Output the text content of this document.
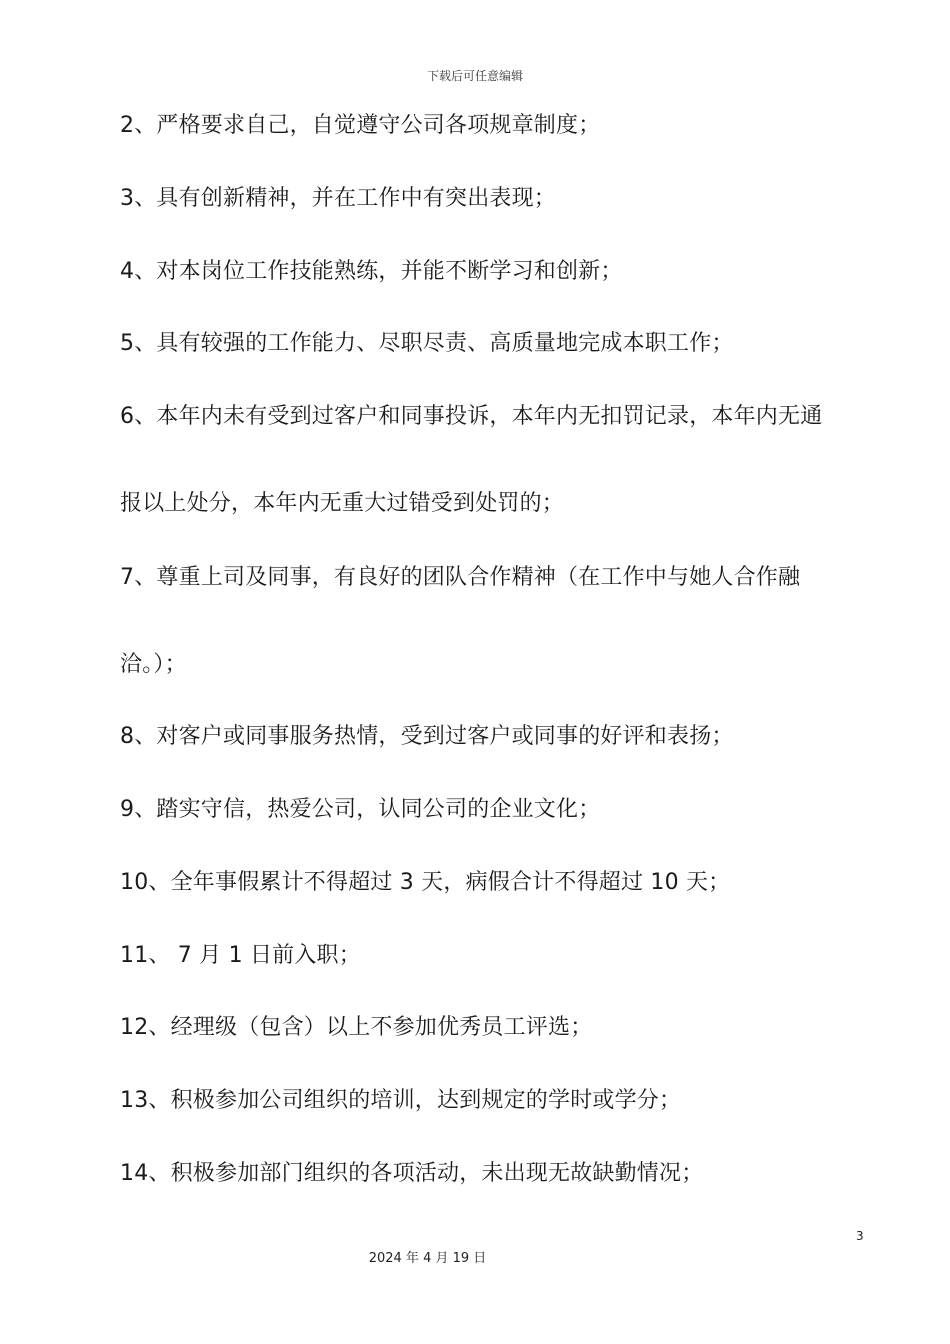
下载后可任意编辑
2、严格要求自己，自觉遵守公司各项规章制度；
3、具有创新精神，并在工作中有突出表现；
4、对本岗位工作技能熟练，并能不断学习和创新；
5、具有较强的工作能力、尽职尽责、高质量地完成本职工作；
6、本年内未有受到过客户和同事投诉，本年内无扣罚记录，本年内无通
报以上处分，本年内无重大过错受到处罚的；
7、尊重上司及同事，有良好的团队合作精神（在工作中与她人合作融
洽。）；
8、对客户或同事服务热情，受到过客户或同事的好评和表扬；
9、踏实守信，热爱公司，认同公司的企业文化；
10、全年事假累计不得超过 3 天，病假合计不得超过 10 天；
11、 7 月 1 日前入职；
12、经理级（包含）以上不参加优秀员工评选；
13、积极参加公司组织的培训，达到规定的学时或学分；
14、积极参加部门组织的各项活动，未出现无故缺勤情况；
3
2024 年 4 月 19 日
